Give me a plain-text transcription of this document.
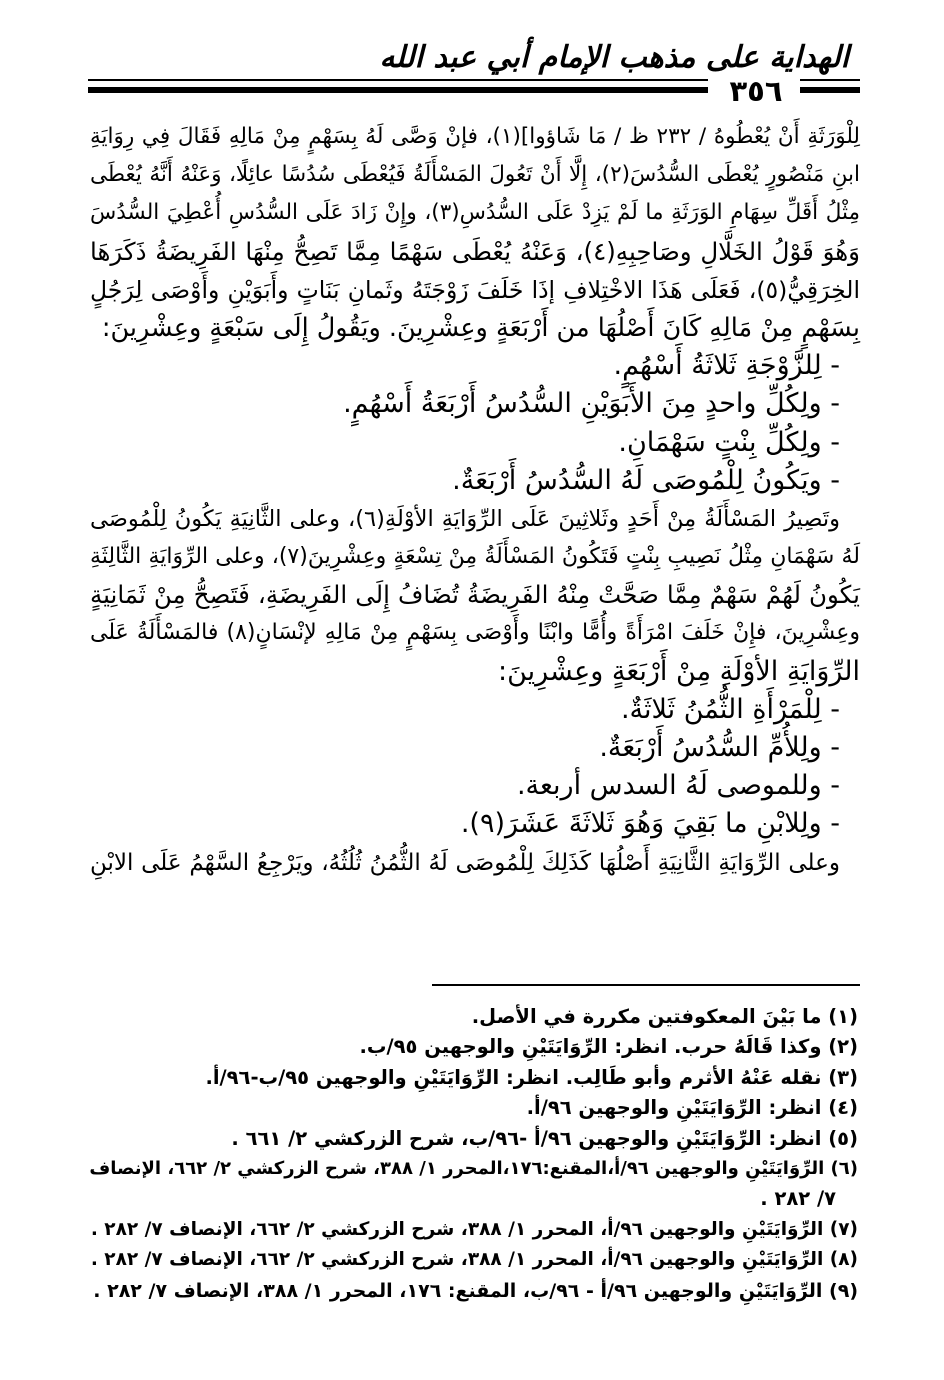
الهداية على مذهب الإمام أبي عبد الله
٣٥٦
لِلْوَرَثَةِ أَنْ يُعْطُوهُ / ٢٣٢ ظ / مَا شَاؤوا](١)، فإنْ وَصَّى لَهُ بِسَهْمٍ مِنْ مَالِهِ فَقَالَ فِي رِوَايَةِ
ابنِ مَنْصُورٍ يُعْطَى السُّدُسَ(٢)، إِلَّا أَنْ تَعُولَ المَسْأَلَةُ فَيُعْطَى سُدُسًا عائِلًا، وَعَنْهُ أَنَّهُ يُعْطَى
مِثْلُ أَقَلِّ سِهَامِ الوَرَثَةِ ما لَمْ يَزِدْ عَلَى السُّدُسِ(٣)، وإِنْ زَادَ عَلَى السُّدُسِ أُعْطِيَ السُّدُسَ
وَهُوَ قَوْلُ الخَلَّالِ وصَاحِبِهِ(٤)، وَعَنْهُ يُعْطَى سَهْمًا مِمَّا تَصِحُّ مِنْهَا الفَرِيضَةُ ذَكَرَهَا
الخِرَقِيُّ(٥)، فَعَلَى هَذَا الاخْتِلافِ إذَا خَلَفَ زَوْجَتَهُ وثَمانِ بَنَاتٍ وأَبَوَيْنِ وأَوْصَى لِرَجُلٍ
بِسَهْمٍ مِنْ مَالِهِ كَانَ أَصْلُهَا من أَرْبَعَةٍ وعِشْرِينَ. ويَقُولُ إِلَى سَبْعَةٍ وعِشْرِينَ:
- لِلزَّوْجَةِ ثَلاثَةُ أَسْهُمٍ.
- ولِكُلِّ واحدٍ مِنَ الأَبَوَيْنِ السُّدُسُ أَرْبَعَةُ أَسْهُمٍ.
- ولِكُلِّ بِنْتٍ سَهْمَانِ.
- ويَكُونُ لِلْمُوصَى لَهُ السُّدُسُ أَرْبَعَةٌ.
وتَصِيرُ المَسْأَلَةُ مِنْ أَحَدٍ وثَلاثِينَ عَلَى الرِّوَايَةِ الأوْلَةِ(٦)، وعلى الثَّانِيَةِ يَكُونُ لِلْمُوصَى
لَهُ سَهْمَانِ مِثْلُ نَصِيبِ بِنْتٍ فَتَكُونُ المَسْأَلَةُ مِنْ تِسْعَةٍ وعِشْرِينَ(٧)، وعلى الرِّوَايَةِ الثَّالِثَةِ
يَكُونُ لَهُمْ سَهْمٌ مِمَّا صَحَّتْ مِنْهُ الفَرِيضَةُ تُضَافُ إِلَى الفَرِيضَةِ، فَتَصِحُّ مِنْ ثَمَانِيَةٍ
وعِشْرِينَ، فإِنْ خَلَفَ امْرَأَةً وأُمًّا وابْنًا وأَوْصَى بِسَهْمٍ مِنْ مَالِهِ لإنْسَانٍ(٨) فالمَسْأَلَةُ عَلَى
الرِّوَايَةِ الأوْلَةِ مِنْ أَرْبَعَةٍ وعِشْرِينَ:
- لِلْمَرْأَةِ الثُّمُنُ ثَلاثَةٌ.
- ولِلأُمِّ السُّدُسُ أَرْبَعَةٌ.
- وللموصى لَهُ السدس أربعة.
- ولِلابْنِ ما بَقِيَ وَهُوَ ثَلاثَةَ عَشَرَ(٩).
وعلى الرِّوَايَةِ الثَّانِيَةِ أَصْلُهَا كَذَلِكَ لِلْمُوصَى لَهُ الثُّمُنُ ثُلُثُهُ، ويَرْجِعُ السَّهْمُ عَلَى الابْنِ
(١) ما بَيْنَ المعكوفتين مكررة في الأصل.
(٢) وكذا قَالَهُ حرب. انظر: الرِّوَايَتَيْنِ والوجهين ٩٥/ب.
(٣) نقله عَنْهُ الأثرم وأبو طَالِب. انظر: الرِّوَايَتَيْنِ والوجهين ٩٥/ب-٩٦/أ.
(٤) انظر: الرِّوَايَتَيْنِ والوجهين ٩٦/أ.
(٥) انظر: الرِّوَايَتَيْنِ والوجهين ٩٦/أ -٩٦/ب، شرح الزركشي ٢/ ٦٦١ .
(٦) الرِّوَايَتَيْنِ والوجهين ٩٦/أ،المقنع:١٧٦،المحرر ١/ ٣٨٨، شرح الزركشي ٢/ ٦٦٢، الإنصاف
٧/ ٢٨٢ .
(٧) الرِّوَايَتَيْنِ والوجهين ٩٦/أ، المحرر ١/ ٣٨٨، شرح الزركشي ٢/ ٦٦٢، الإنصاف ٧/ ٢٨٢ .
(٨) الرِّوَايَتَيْنِ والوجهين ٩٦/أ، المحرر ١/ ٣٨٨، شرح الزركشي ٢/ ٦٦٢، الإنصاف ٧/ ٢٨٢ .
(٩) الرِّوَايَتَيْنِ والوجهين ٩٦/أ - ٩٦/ب، المقنع: ١٧٦، المحرر ١/ ٣٨٨، الإنصاف ٧/ ٢٨٢ .
